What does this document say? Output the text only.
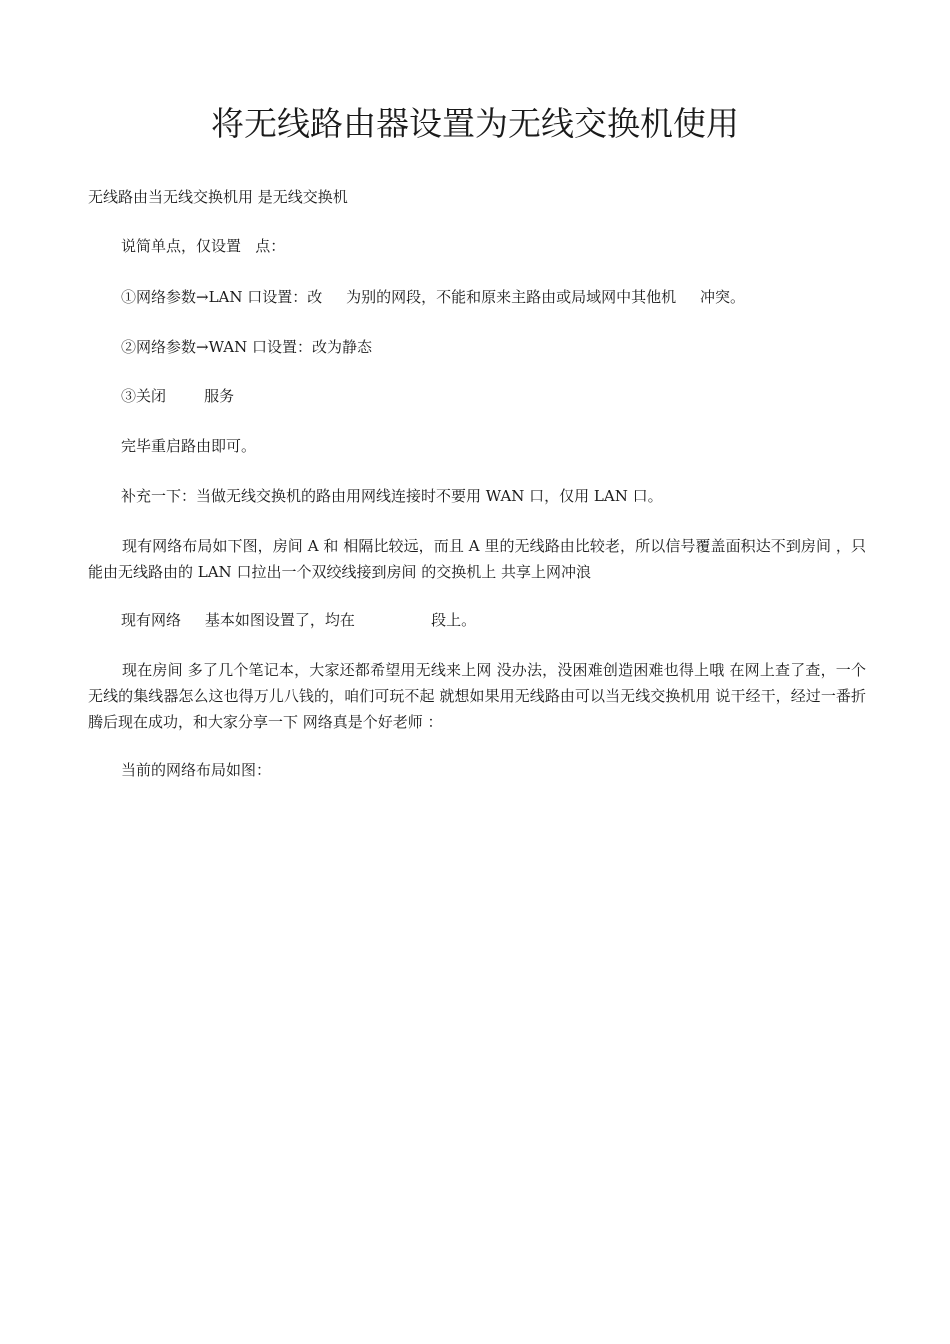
将无线路由器设置为无线交换机使用

无线路由当无线交换机用 是无线交换机

说简单点，仅设置   点：

①网络参数→LAN 口设置：改     为别的网段，不能和原来主路由或局域网中其他机     冲突。

②网络参数→WAN 口设置：改为静态

③关闭        服务

完毕重启路由即可。

补充一下：当做无线交换机的路由用网线连接时不要用 WAN 口，仅用 LAN 口。

现有网络布局如下图，房间 A 和 相隔比较远，而且 A 里的无线路由比较老，所以信号覆盖面积达不到房间 ，只能由无线路由的 LAN 口拉出一个双绞线接到房间 的交换机上 共享上网冲浪

现有网络     基本如图设置了，均在                段上。

现在房间 多了几个笔记本，大家还都希望用无线来上网 没办法，没困难创造困难也得上哦 在网上查了查，一个无线的集线器怎么这也得万儿八钱的，咱们可玩不起 就想如果用无线路由可以当无线交换机用 说干经干，经过一番折腾后现在成功，和大家分享一下 网络真是个好老师 ：

当前的网络布局如图：
